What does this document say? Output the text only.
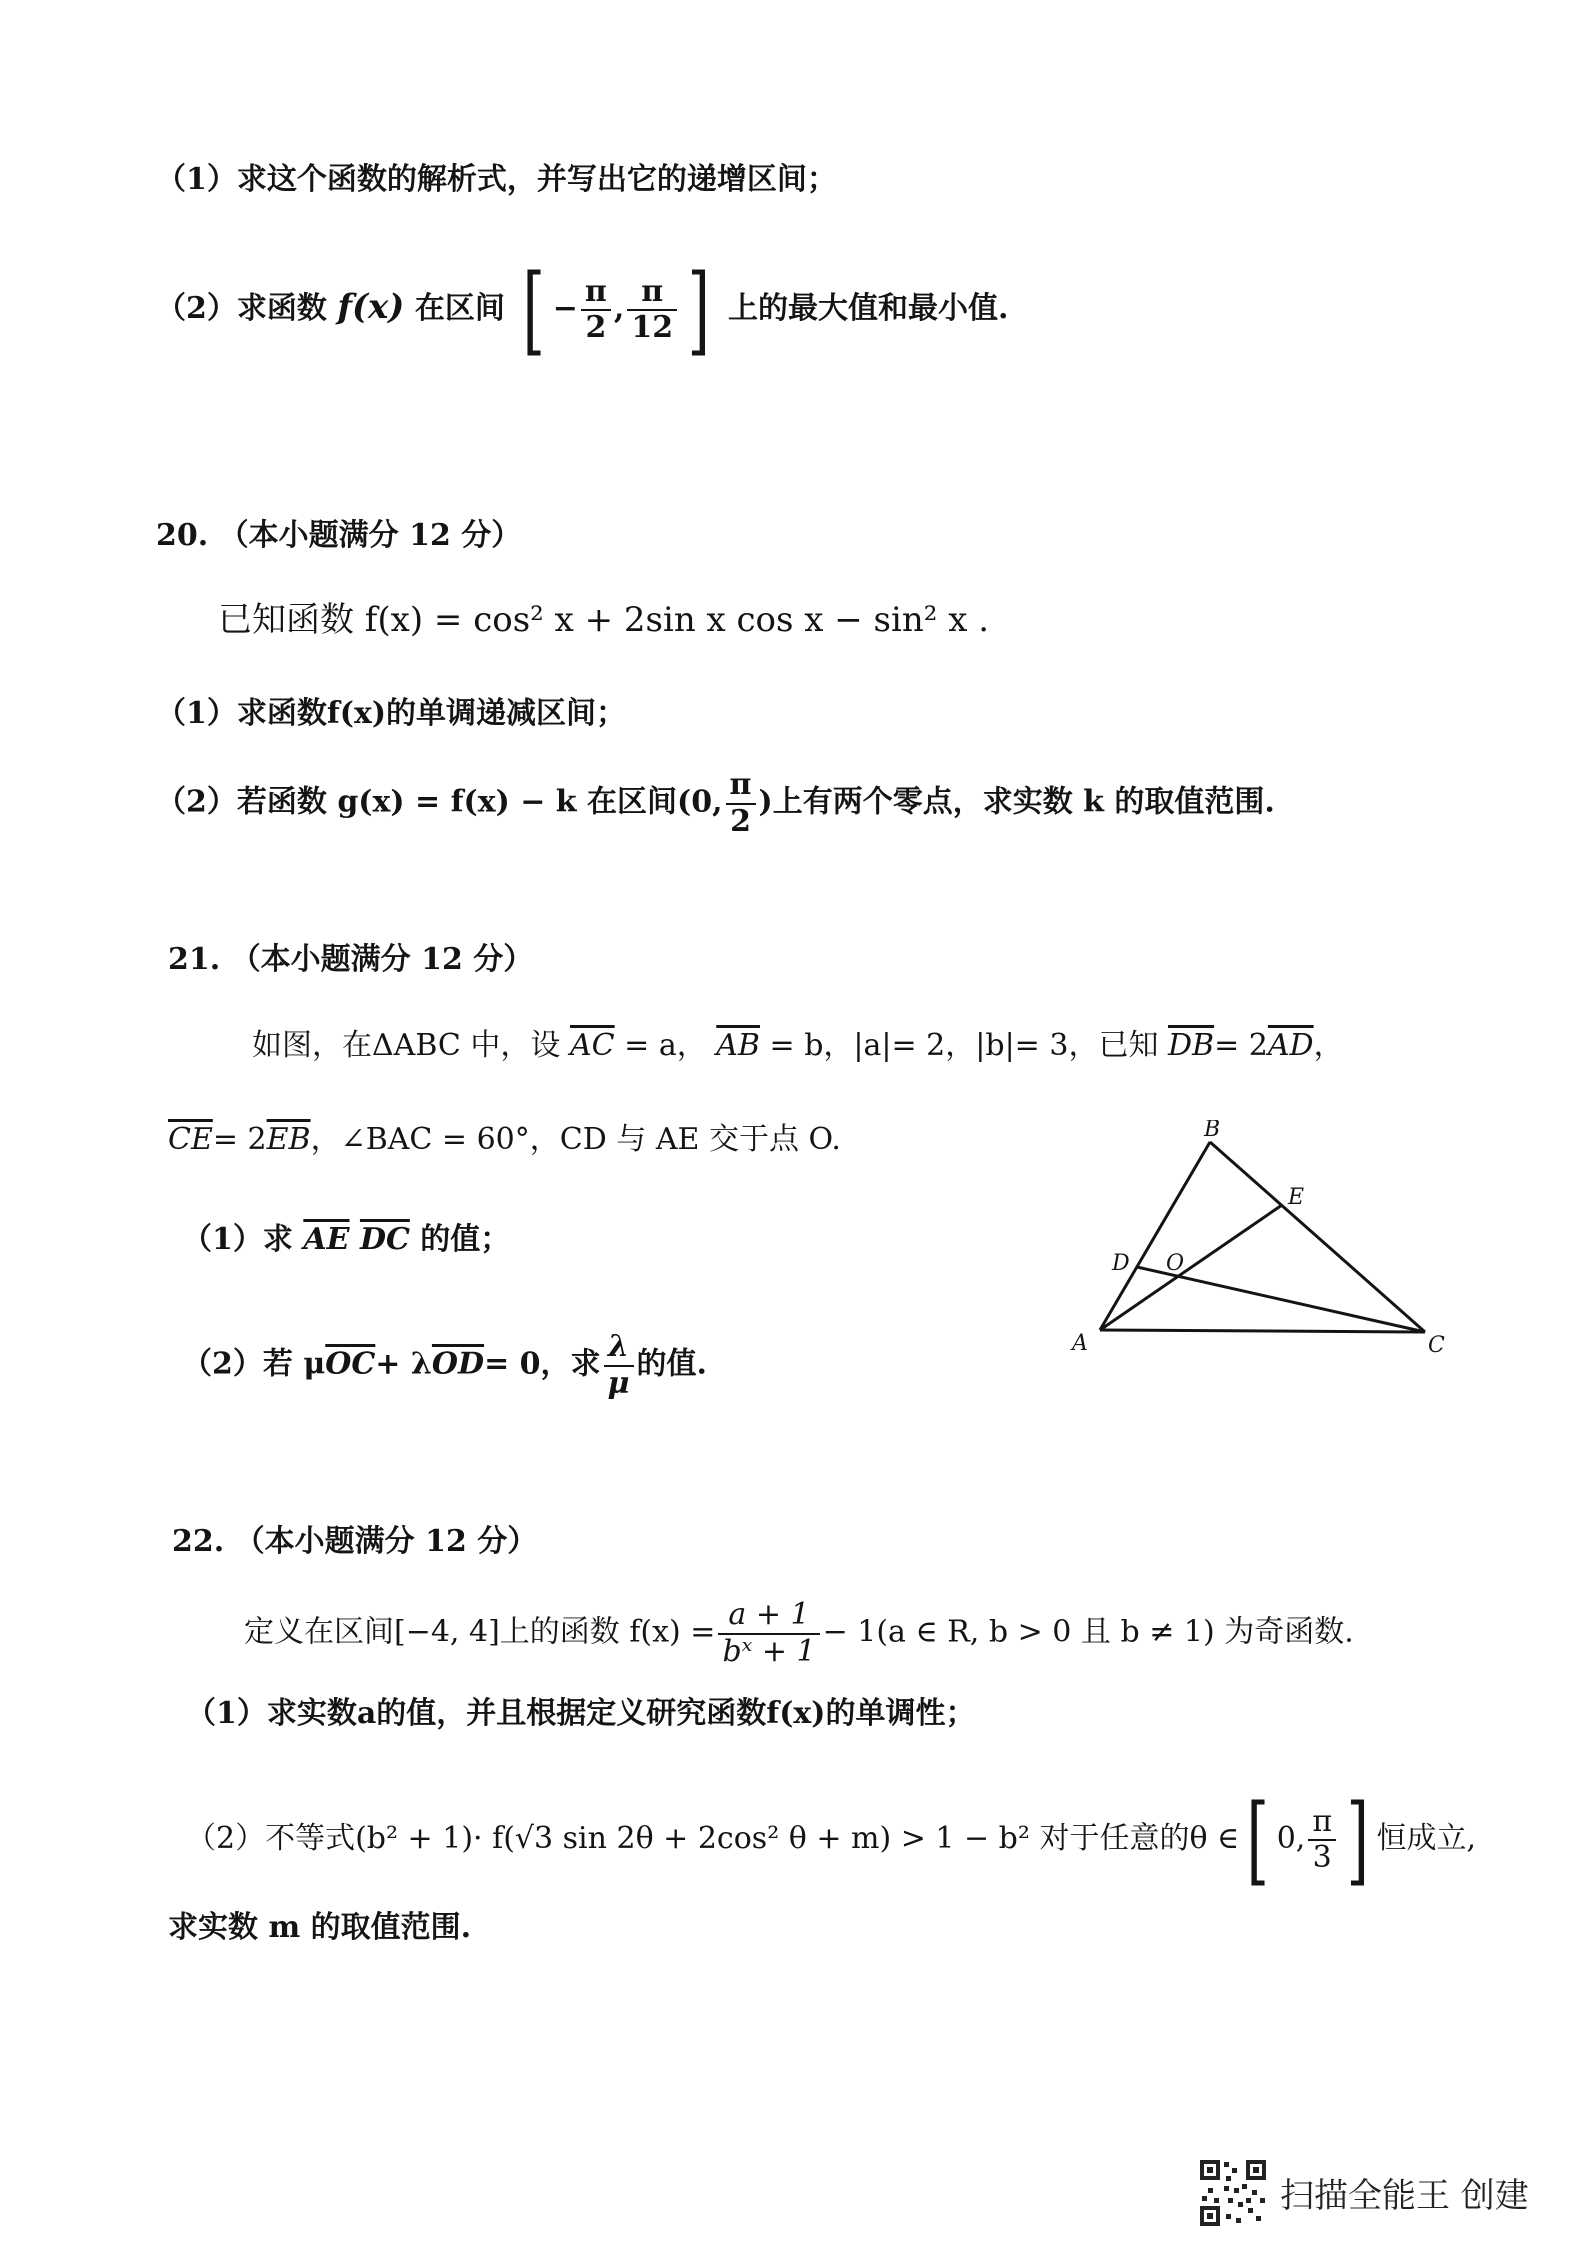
（1）求这个函数的解析式，并写出它的递增区间；
（2）求函数 f(x) 在区间 [ − $\frac{\pi}{2}$ , $\frac{\pi}{12}$ ] 上的最大值和最小值.
20. （本小题满分 12 分）
已知函数 f(x) = cos² x + 2sin x cos x − sin² x .
（1）求函数f(x)的单调递减区间；
（2）若函数 g(x) = f(x) − k 在区间(0, $\frac{\pi}{2}$ )上有两个零点，求实数 k 的取值范围.
21. （本小题满分 12 分）
如图，在ΔABC 中，设 $\overline{AC} = a$， $\overline{AB} = b$，|a|= 2，|b|= 3，已知 $\overline{DB}= 2\overline{AD}$，
$\overline{CE}= 2\overline{EB}$，∠BAC = 60°，CD 与 AE 交于点 O.
（1）求 $\overline{AE}$ $\overline{DC}$ 的值；
（2）若 $\mu\overline{OC}+ \lambda\overline{OD}= 0$，求 $\frac{\lambda}{\mu}$ 的值.
A
B
C
D
E
O
22. （本小题满分 12 分）
定义在区间[−4, 4]上的函数 $f(x) = \frac{a + 1}{\text{bˣ + 1}} - 1(a$ ∈ R, b > 0 且 b ≠ 1) 为奇函数.
（1）求实数a的值，并且根据定义研究函数f(x)的单调性；
（2）不等式(b² + 1)· f(√3 sin 2θ + 2cos² θ + m) > 1 − b² 对于任意的θ ∈[ 0, $\frac{\pi}{3}$ ] 恒成立,
求实数 m 的取值范围.
扫描全能王 创建
